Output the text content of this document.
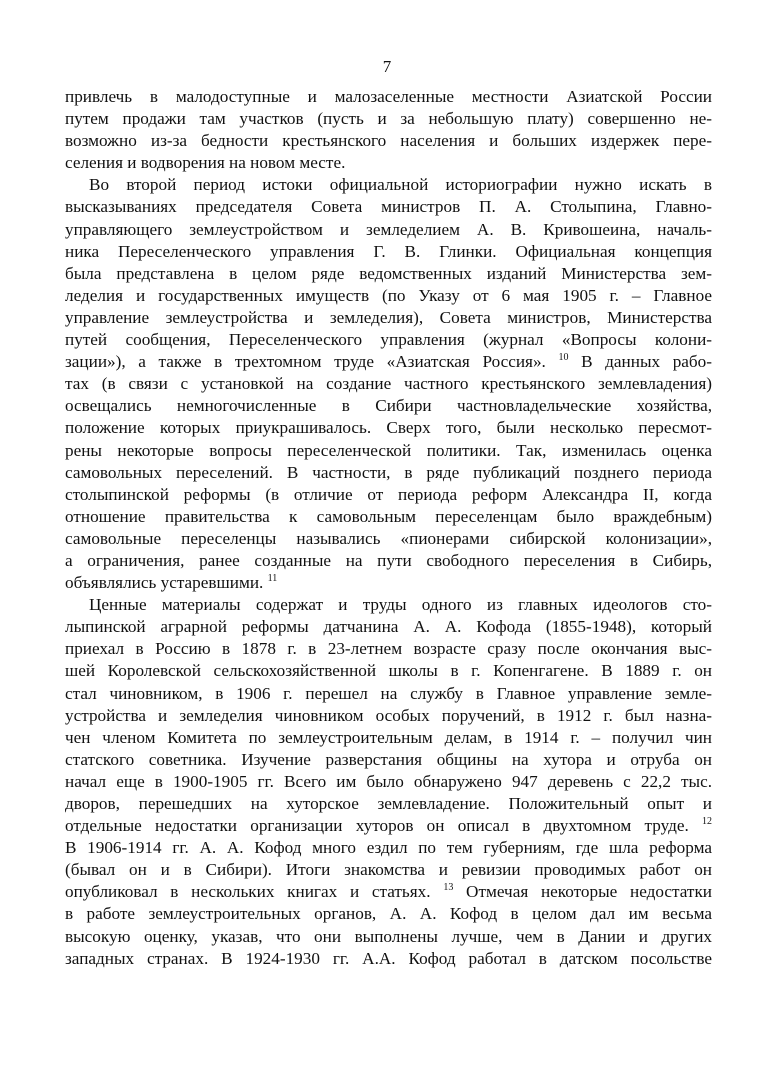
7
привлечь в малодоступные и малозаселенные местности Азиатской России
путем продажи там участков (пусть и за небольшую плату) совершенно не-
возможно из-за бедности крестьянского населения и больших издержек пере-
селения и водворения на новом месте.
Во второй период истоки официальной историографии нужно искать в
высказываниях председателя Совета министров П. А. Столыпина, Главно-
управляющего землеустройством и земледелием А. В. Кривошеина, началь-
ника Переселенческого управления Г. В. Глинки. Официальная концепция
была представлена в целом ряде ведомственных изданий Министерства зем-
леделия и государственных имуществ (по Указу от 6 мая 1905 г. – Главное
управление землеустройства и земледелия), Совета министров, Министерства
путей сообщения, Переселенческого управления (журнал «Вопросы колони-
зации»), а также в трехтомном труде «Азиатская Россия». $^{10}$ В данных рабо-
тах (в связи с установкой на создание частного крестьянского землевладения)
освещались немногочисленные в Сибири частновладельческие хозяйства,
положение которых приукрашивалось. Сверх того, были несколько пересмот-
рены некоторые вопросы переселенческой политики. Так, изменилась оценка
самовольных переселений. В частности, в ряде публикаций позднего периода
столыпинской реформы (в отличие от периода реформ Александра II, когда
отношение правительства к самовольным переселенцам было враждебным)
самовольные переселенцы назывались «пионерами сибирской колонизации»,
а ограничения, ранее созданные на пути свободного переселения в Сибирь,
объявлялись устаревшими. $^{11}$
Ценные материалы содержат и труды одного из главных идеологов сто-
лыпинской аграрной реформы датчанина А. А. Кофода (1855-1948), который
приехал в Россию в 1878 г. в 23-летнем возрасте сразу после окончания выс-
шей Королевской сельскохозяйственной школы в г. Копенгагене. В 1889 г. он
стал чиновником, в 1906 г. перешел на службу в Главное управление земле-
устройства и земледелия чиновником особых поручений, в 1912 г. был назна-
чен членом Комитета по землеустроительным делам, в 1914 г. – получил чин
статского советника. Изучение разверстания общины на хутора и отруба он
начал еще в 1900-1905 гг. Всего им было обнаружено 947 деревень с 22,2 тыс.
дворов, перешедших на хуторское землевладение. Положительный опыт и
отдельные недостатки организации хуторов он описал в двухтомном труде. $^{12}$
В 1906-1914 гг. А. А. Кофод много ездил по тем губерниям, где шла реформа
(бывал он и в Сибири). Итоги знакомства и ревизии проводимых работ он
опубликовал в нескольких книгах и статьях. $^{13}$ Отмечая некоторые недостатки
в работе землеустроительных органов, А. А. Кофод в целом дал им весьма
высокую оценку, указав, что они выполнены лучше, чем в Дании и других
западных странах. В 1924-1930 гг. А.А. Кофод работал в датском посольстве
